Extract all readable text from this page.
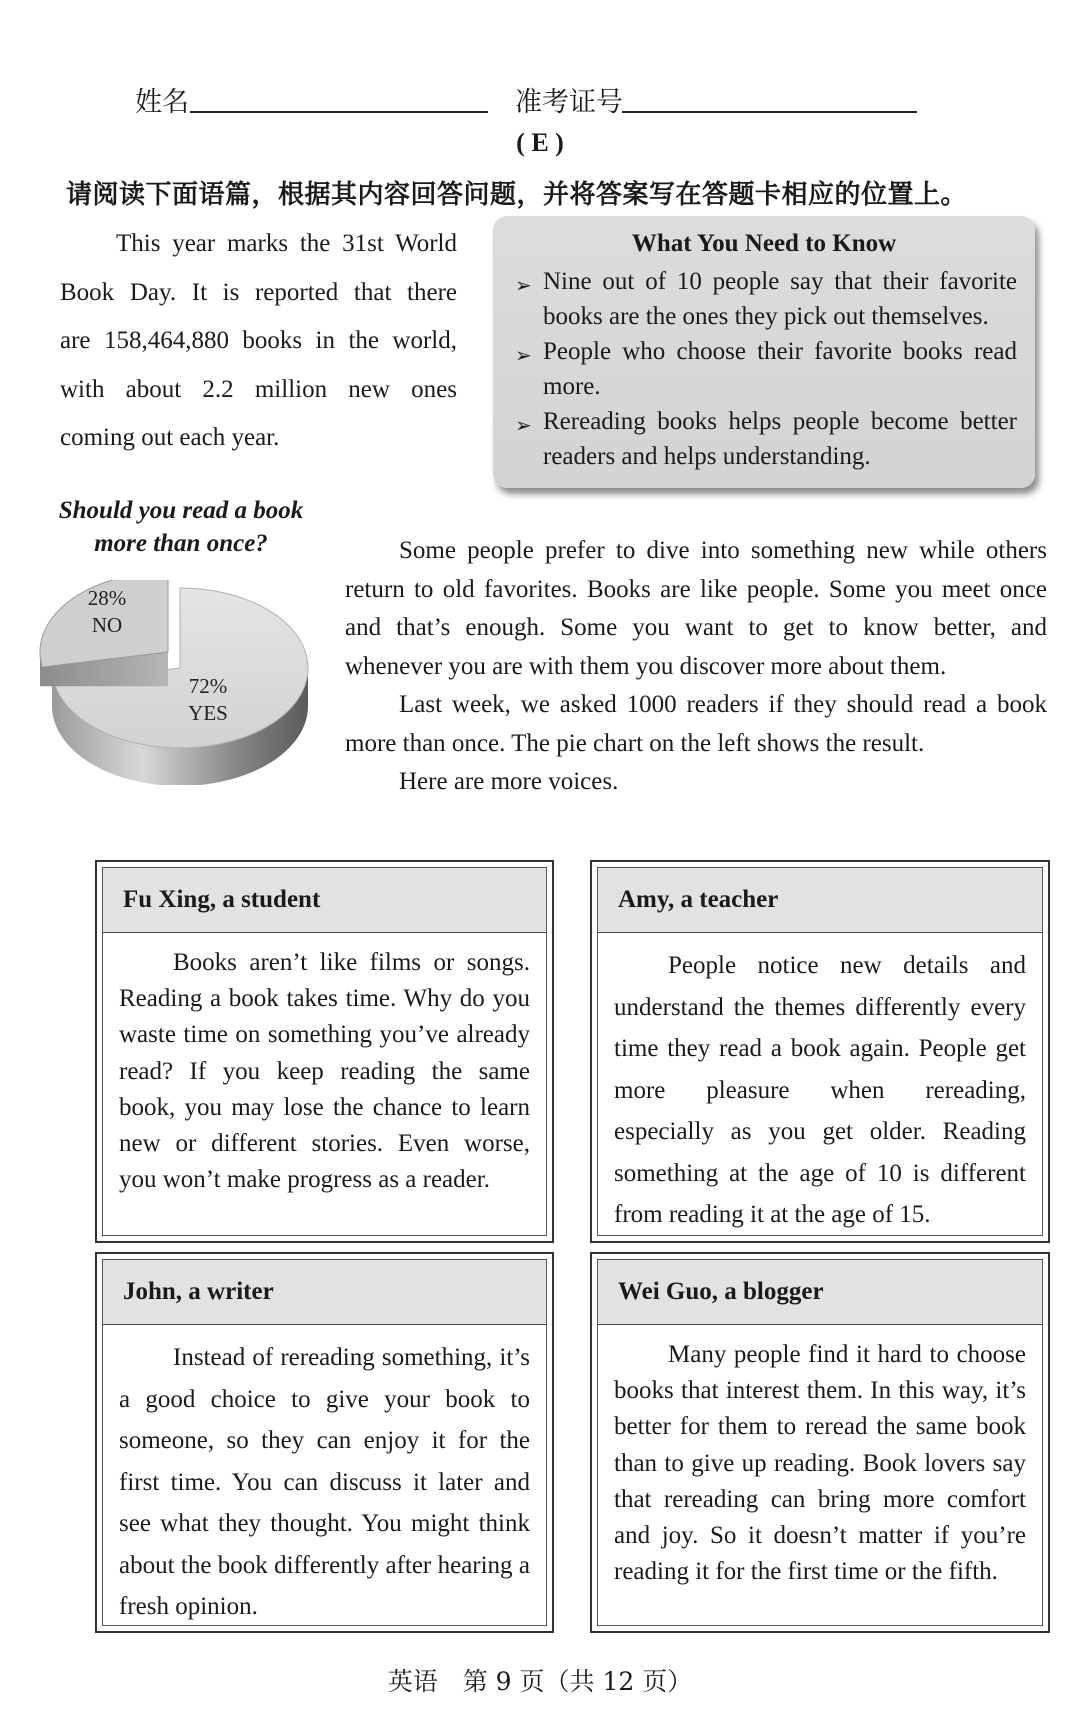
姓名	准考证号
( E )
请阅读下面语篇，根据其内容回答问题，并将答案写在答题卡相应的位置上。

This year marks the 31st World

Book Day. It is reported that there

are 158,464,880 books in the world,

with about 2.2 million new ones

coming out each year.

What You Need to Know
➢ Nine out of 10 people say that their favorite books are the ones they pick out themselves.
➢ People who choose their favorite books read more.
➢ Rereading books helps people become better readers and helps understanding.
Should you read a book
more than once?
28%
NO
72%
YES

Some people prefer to dive into something new while others return to old favorites. Books are like people. Some you meet once and that’s enough. Some you want to get to know better, and whenever you are with them you discover more about them.

Last week, we asked 1000 readers if they should read a book more than once. The pie chart on the left shows the result.

Here are more voices.

Fu Xing, a student
Books aren’t like films or songs. Reading a book takes time. Why do you waste time on something you’ve already read? If you keep reading the same book, you may lose the chance to learn new or different stories. Even worse, you won’t make progress as a reader.
Amy, a teacher
People notice new details and understand the themes differently every time they read a book again. People get more pleasure when rereading, especially as you get older. Reading something at the age of 10 is different from reading it at the age of 15.
John, a writer
Instead of rereading something, it’s a good choice to give your book to someone, so they can enjoy it for the first time. You can discuss it later and see what they thought. You might think about the book differently after hearing a fresh opinion.
Wei Guo, a blogger
Many people find it hard to choose books that interest them. In this way, it’s better for them to reread the same book than to give up reading. Book lovers say that rereading can bring more comfort and joy. So it doesn’t matter if you’re reading it for the first time or the fifth.
英语　第 9 页（共 12 页）
